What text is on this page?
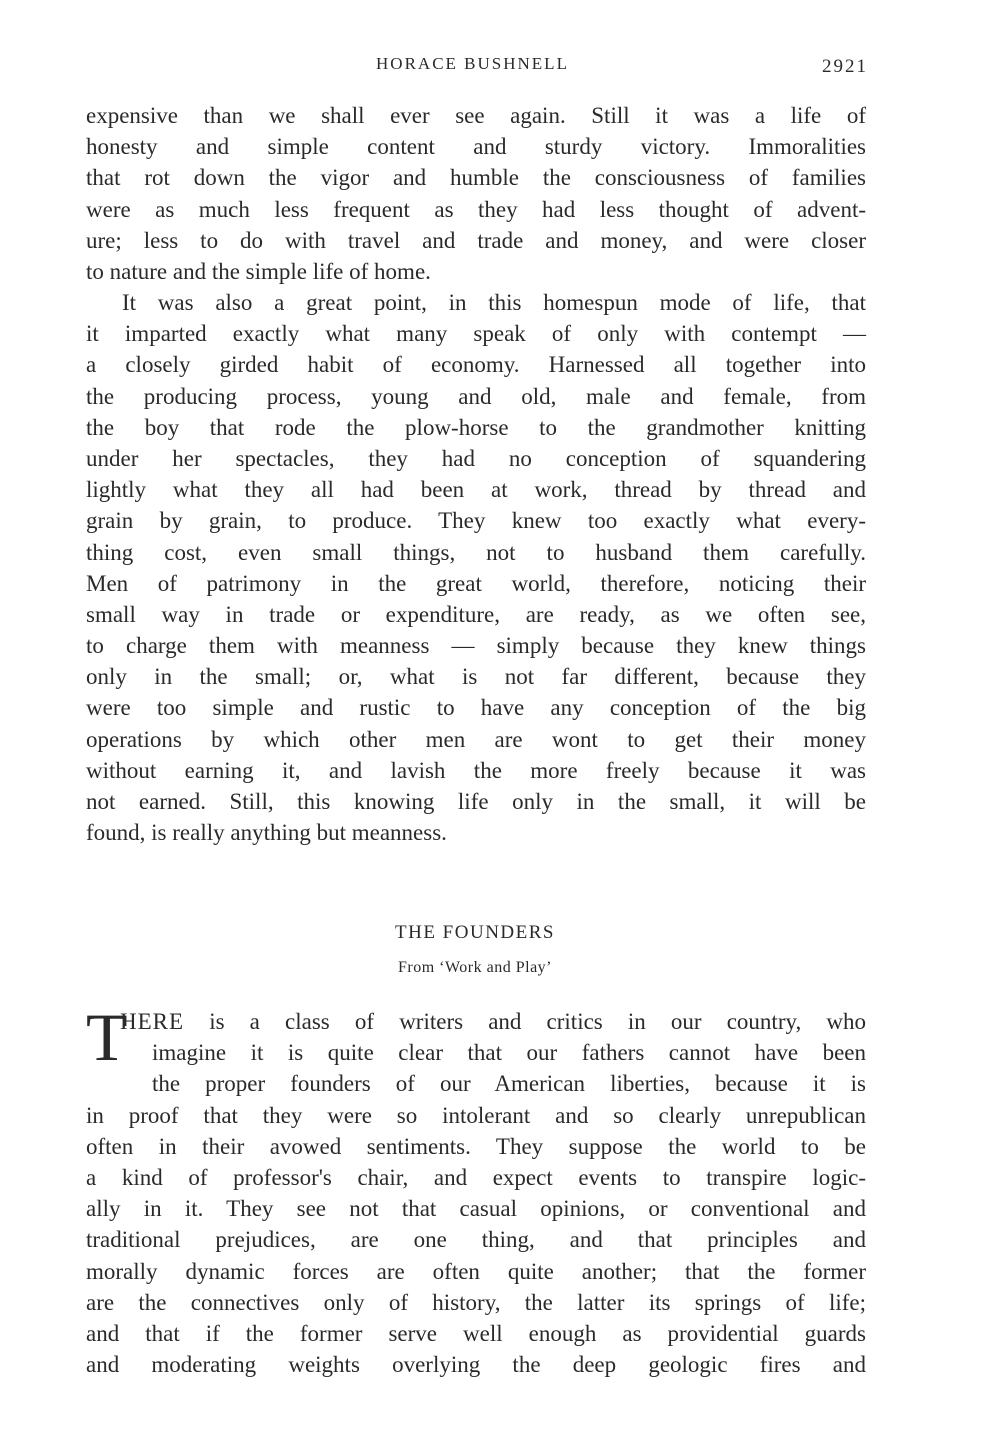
HORACE BUSHNELL	2921
expensive than we shall ever see again. Still it was a life of
honesty and simple content and sturdy victory. Immoralities
that rot down the vigor and humble the consciousness of families
were as much less frequent as they had less thought of advent-
ure; less to do with travel and trade and money, and were closer
to nature and the simple life of home.
It was also a great point, in this homespun mode of life, that
it imparted exactly what many speak of only with contempt —
a closely girded habit of economy. Harnessed all together into
the producing process, young and old, male and female, from
the boy that rode the plow-horse to the grandmother knitting
under her spectacles, they had no conception of squandering
lightly what they all had been at work, thread by thread and
grain by grain, to produce. They knew too exactly what every-
thing cost, even small things, not to husband them carefully.
Men of patrimony in the great world, therefore, noticing their
small way in trade or expenditure, are ready, as we often see,
to charge them with meanness — simply because they knew things
only in the small; or, what is not far different, because they
were too simple and rustic to have any conception of the big
operations by which other men are wont to get their money
without earning it, and lavish the more freely because it was
not earned. Still, this knowing life only in the small, it will be
found, is really anything but meanness.
THE FOUNDERS
From ‘Work and Play’
T
HERE is a class of writers and critics in our country, who
imagine it is quite clear that our fathers cannot have been
the proper founders of our American liberties, because it is
in proof that they were so intolerant and so clearly unrepublican
often in their avowed sentiments. They suppose the world to be
a kind of professor's chair, and expect events to transpire logic-
ally in it. They see not that casual opinions, or conventional and
traditional prejudices, are one thing, and that principles and
morally dynamic forces are often quite another; that the former
are the connectives only of history, the latter its springs of life;
and that if the former serve well enough as providential guards
and moderating weights overlying the deep geologic fires and
